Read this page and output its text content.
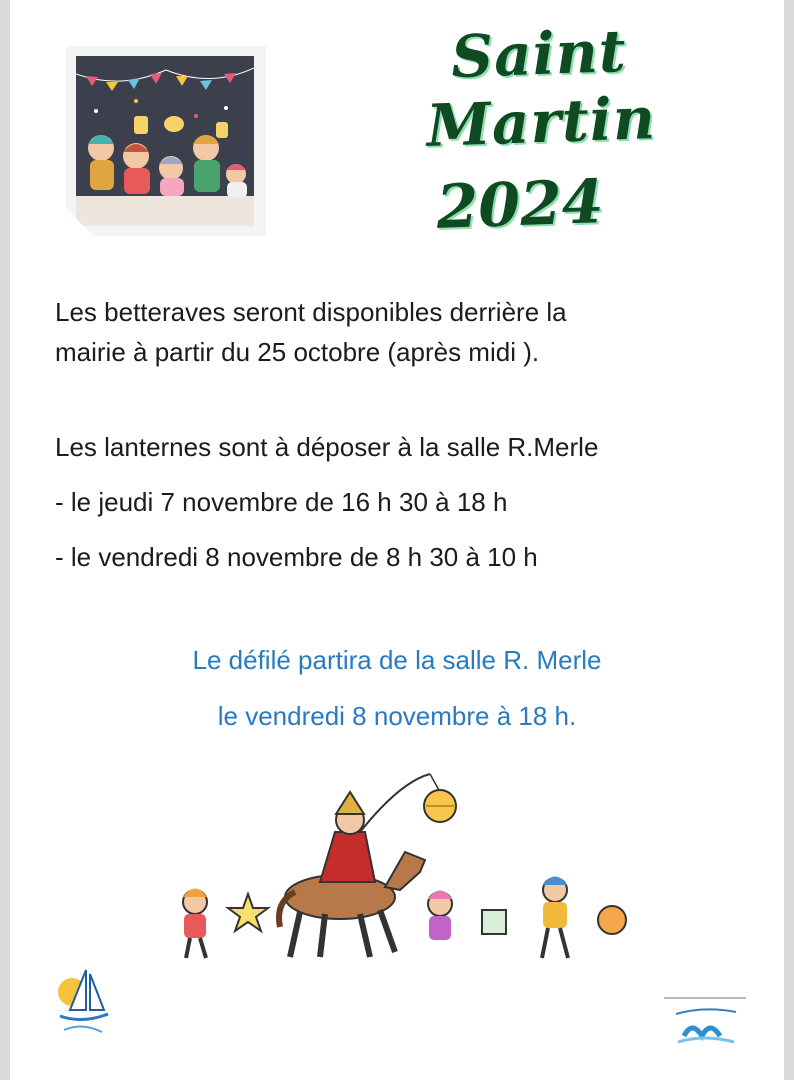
Saint Martin
2024
Les betteraves seront disponibles derrière la
mairie à partir du 25 octobre (après midi ).
Les lanternes sont à déposer à la salle R.Merle
- le jeudi 7 novembre de 16 h 30 à 18 h
- le vendredi 8 novembre de 8 h 30 à 10 h
Le défilé partira de la salle R. Merle
le vendredi 8 novembre à 18 h.
